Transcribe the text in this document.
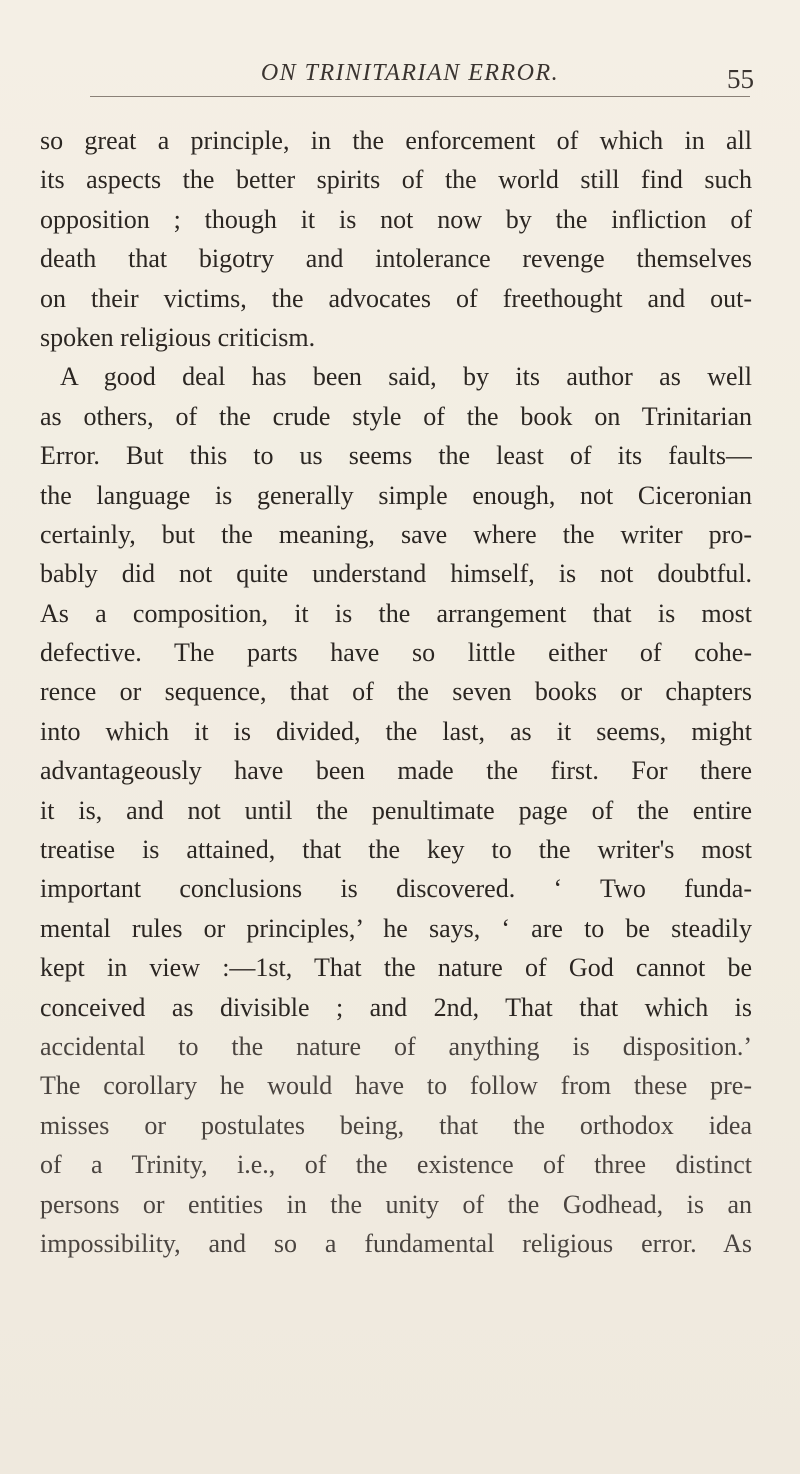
ON TRINITARIAN ERROR.	55
so great a principle, in the enforcement of which in all
its aspects the better spirits of the world still find such
opposition ; though it is not now by the infliction of
death that bigotry and intolerance revenge themselves
on their victims, the advocates of freethought and out-
spoken religious criticism.
A good deal has been said, by its author as well
as others, of the crude style of the book on Trinitarian
Error. But this to us seems the least of its faults—
the language is generally simple enough, not Ciceronian
certainly, but the meaning, save where the writer pro-
bably did not quite understand himself, is not doubtful.
As a composition, it is the arrangement that is most
defective. The parts have so little either of cohe-
rence or sequence, that of the seven books or chapters
into which it is divided, the last, as it seems, might
advantageously have been made the first. For there
it is, and not until the penultimate page of the entire
treatise is attained, that the key to the writer's most
important conclusions is discovered. ‘ Two funda-
mental rules or principles,’ he says, ‘ are to be steadily
kept in view :—1st, That the nature of God cannot be
conceived as divisible ; and 2nd, That that which is
accidental to the nature of anything is disposition.’
The corollary he would have to follow from these pre-
misses or postulates being, that the orthodox idea
of a Trinity, i.e., of the existence of three distinct
persons or entities in the unity of the Godhead, is an
impossibility, and so a fundamental religious error. As
